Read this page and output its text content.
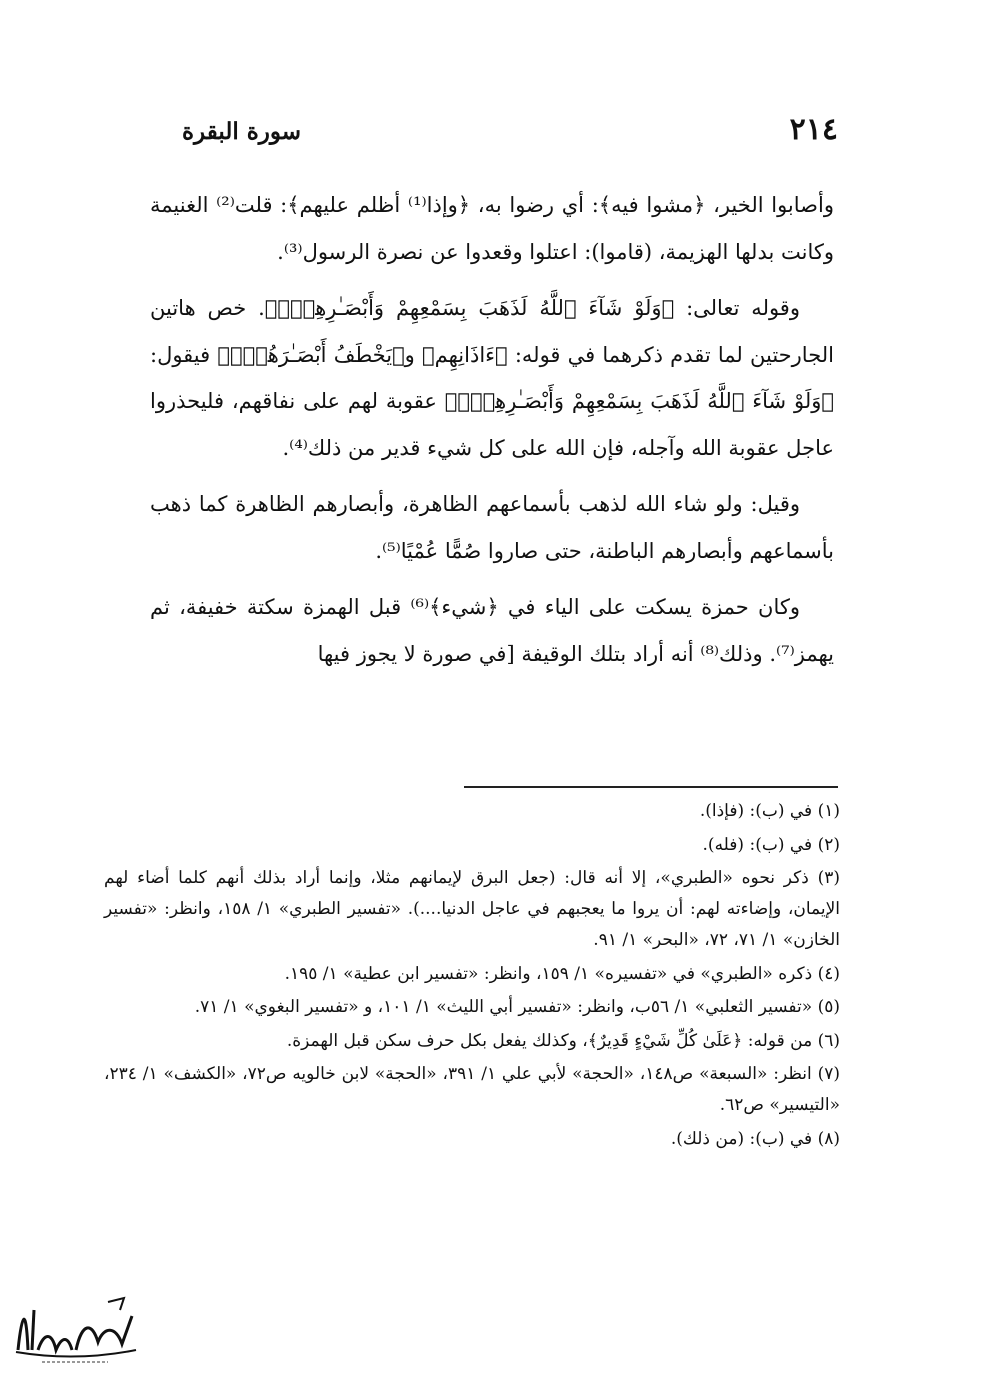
٢١٤
سورة البقرة

وأصابوا الخير، ﴿مشوا فيه﴾: أي رضوا به، ﴿وإذا⁽¹⁾ أظلم عليهم﴾: قلت⁽²⁾ الغنيمة وكانت بدلها الهزيمة، (قاموا): اعتلوا وقعدوا عن نصرة الرسول⁽³⁾.

وقوله تعالى: ﴿وَلَوْ شَآءَ ٱللَّهُ لَذَهَبَ بِسَمْعِهِمْ وَأَبْصَـٰرِهِمْۚ﴾. خص هاتين الجارحتين لما تقدم ذكرهما في قوله: ﴿ءَاذَانِهِم﴾ و﴿يَخْطَفُ أَبْصَـٰرَهُمْۖ﴾ فيقول: ﴿وَلَوْ شَآءَ ٱللَّهُ لَذَهَبَ بِسَمْعِهِمْ وَأَبْصَـٰرِهِمْۚ﴾ عقوبة لهم على نفاقهم، فليحذروا عاجل عقوبة الله وآجله، فإن الله على كل شيء قدير من ذلك⁽⁴⁾.

وقيل: ولو شاء الله لذهب بأسماعهم الظاهرة، وأبصارهم الظاهرة كما ذهب بأسماعهم وأبصارهم الباطنة، حتى صاروا صُمًّا عُمْيًا⁽⁵⁾.

وكان حمزة يسكت على الياء في ﴿شيء﴾⁽⁶⁾ قبل الهمزة سكتة خفيفة، ثم يهمز⁽⁷⁾. وذلك⁽⁸⁾ أنه أراد بتلك الوقيفة [في صورة لا يجوز فيها

(١) في (ب): (فإذا).
(٢) في (ب): (فله).
(٣) ذكر نحوه «الطبري»، إلا أنه قال: (جعل البرق لإيمانهم مثلا، وإنما أراد بذلك أنهم كلما أضاء لهم الإيمان، وإضاءته لهم: أن يروا ما يعجبهم في عاجل الدنيا....). «تفسير الطبري» ١/ ١٥٨، وانظر: «تفسير الخازن» ١/ ٧١، ٧٢، «البحر» ١/ ٩١.
(٤) ذكره «الطبري» في «تفسيره» ١/ ١٥٩، وانظر: «تفسير ابن عطية» ١/ ١٩٥.
(٥) «تفسير الثعلبي» ١/ ٥٦ب، وانظر: «تفسير أبي الليث» ١/ ١٠١، و «تفسير البغوي» ١/ ٧١.
(٦) من قوله: ﴿عَلَىٰ كُلِّ شَيْءٍ قَدِيرٌ﴾، وكذلك يفعل بكل حرف سكن قبل الهمزة.
(٧) انظر: «السبعة» ص١٤٨، «الحجة» لأبي علي ١/ ٣٩١، «الحجة» لابن خالويه ص٧٢، «الكشف» ١/ ٢٣٤، «التيسير» ص٦٢.
(٨) في (ب): (من ذلك).
